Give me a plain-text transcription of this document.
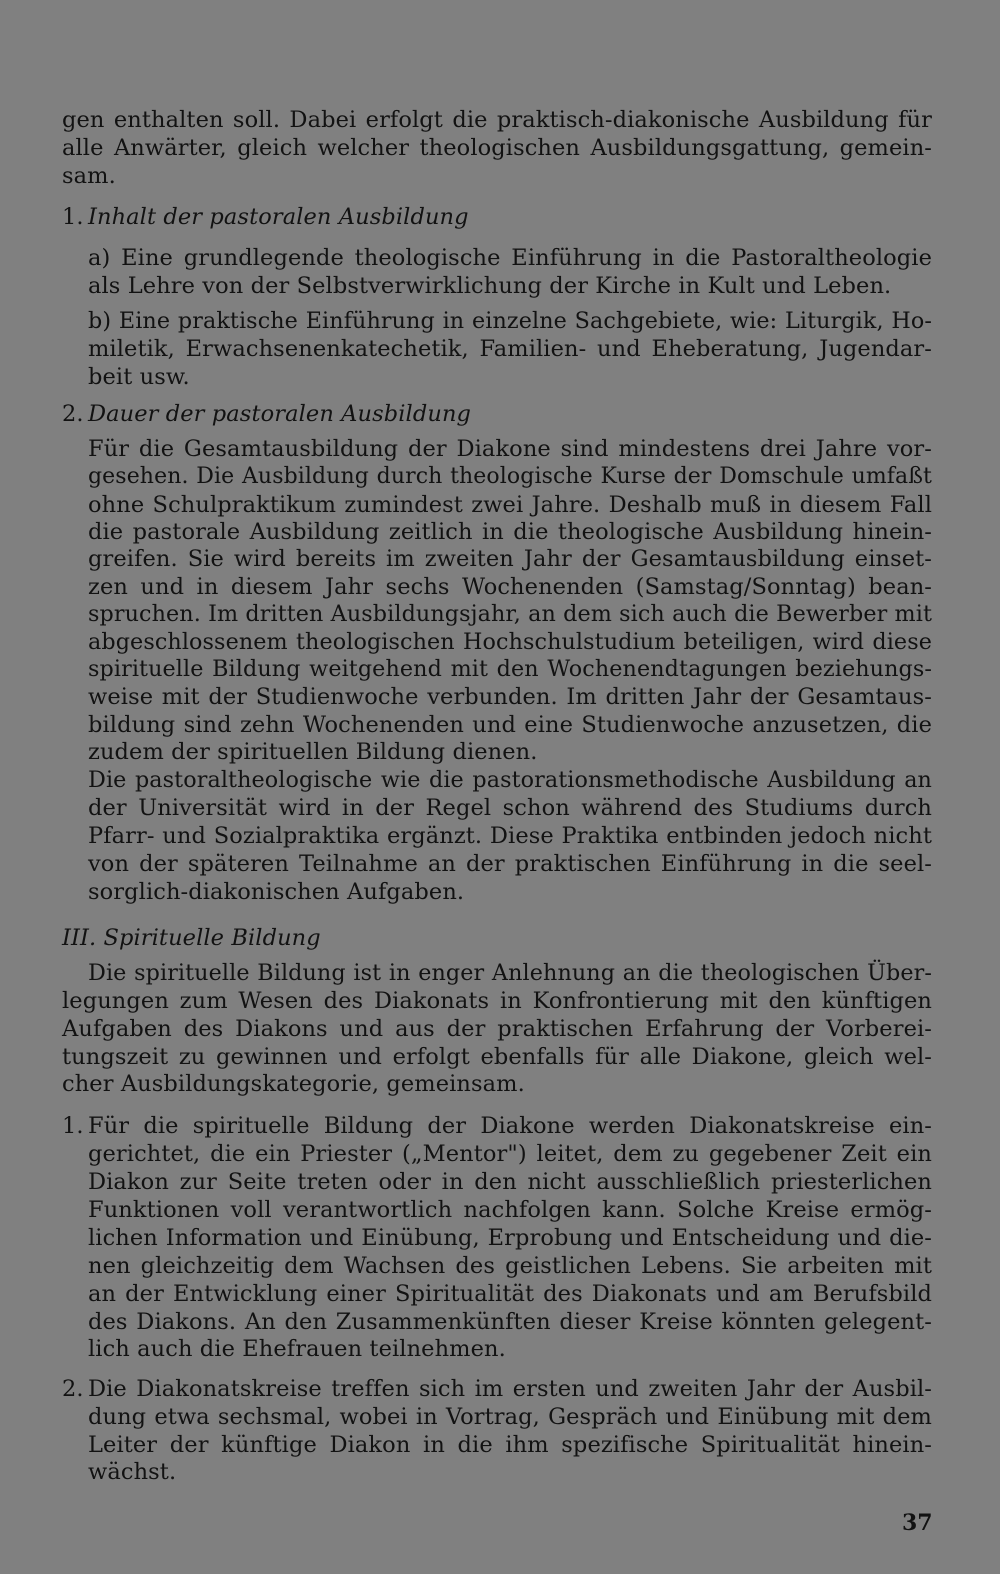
gen enthalten soll. Dabei erfolgt die praktisch-diakonische Ausbildung für
alle Anwärter, gleich welcher theologischen Ausbildungsgattung, gemein-
sam.
1. Inhalt der pastoralen Ausbildung
a) Eine grundlegende theologische Einführung in die Pastoraltheologie
als Lehre von der Selbstverwirklichung der Kirche in Kult und Leben.
b) Eine praktische Einführung in einzelne Sachgebiete, wie: Liturgik, Ho-
miletik, Erwachsenenkatechetik, Familien- und Eheberatung, Jugendar-
beit usw.
2. Dauer der pastoralen Ausbildung
Für die Gesamtausbildung der Diakone sind mindestens drei Jahre vor-
gesehen. Die Ausbildung durch theologische Kurse der Domschule umfaßt
ohne Schulpraktikum zumindest zwei Jahre. Deshalb muß in diesem Fall
die pastorale Ausbildung zeitlich in die theologische Ausbildung hinein-
greifen. Sie wird bereits im zweiten Jahr der Gesamtausbildung einset-
zen und in diesem Jahr sechs Wochenenden (Samstag/Sonntag) bean-
spruchen. Im dritten Ausbildungsjahr, an dem sich auch die Bewerber mit
abgeschlossenem theologischen Hochschulstudium beteiligen, wird diese
spirituelle Bildung weitgehend mit den Wochenendtagungen beziehungs-
weise mit der Studienwoche verbunden. Im dritten Jahr der Gesamtaus-
bildung sind zehn Wochenenden und eine Studienwoche anzusetzen, die
zudem der spirituellen Bildung dienen.
Die pastoraltheologische wie die pastorationsmethodische Ausbildung an
der Universität wird in der Regel schon während des Studiums durch
Pfarr- und Sozialpraktika ergänzt. Diese Praktika entbinden jedoch nicht
von der späteren Teilnahme an der praktischen Einführung in die seel-
sorglich-diakonischen Aufgaben.
III. Spirituelle Bildung
Die spirituelle Bildung ist in enger Anlehnung an die theologischen Über-
legungen zum Wesen des Diakonats in Konfrontierung mit den künftigen
Aufgaben des Diakons und aus der praktischen Erfahrung der Vorberei-
tungszeit zu gewinnen und erfolgt ebenfalls für alle Diakone, gleich wel-
cher Ausbildungskategorie, gemeinsam.
1. Für die spirituelle Bildung der Diakone werden Diakonatskreise ein-
gerichtet, die ein Priester („Mentor") leitet, dem zu gegebener Zeit ein
Diakon zur Seite treten oder in den nicht ausschließlich priesterlichen
Funktionen voll verantwortlich nachfolgen kann. Solche Kreise ermög-
lichen Information und Einübung, Erprobung und Entscheidung und die-
nen gleichzeitig dem Wachsen des geistlichen Lebens. Sie arbeiten mit
an der Entwicklung einer Spiritualität des Diakonats und am Berufsbild
des Diakons. An den Zusammenkünften dieser Kreise könnten gelegent-
lich auch die Ehefrauen teilnehmen.
2. Die Diakonatskreise treffen sich im ersten und zweiten Jahr der Ausbil-
dung etwa sechsmal, wobei in Vortrag, Gespräch und Einübung mit dem
Leiter der künftige Diakon in die ihm spezifische Spiritualität hinein-
wächst.
37
